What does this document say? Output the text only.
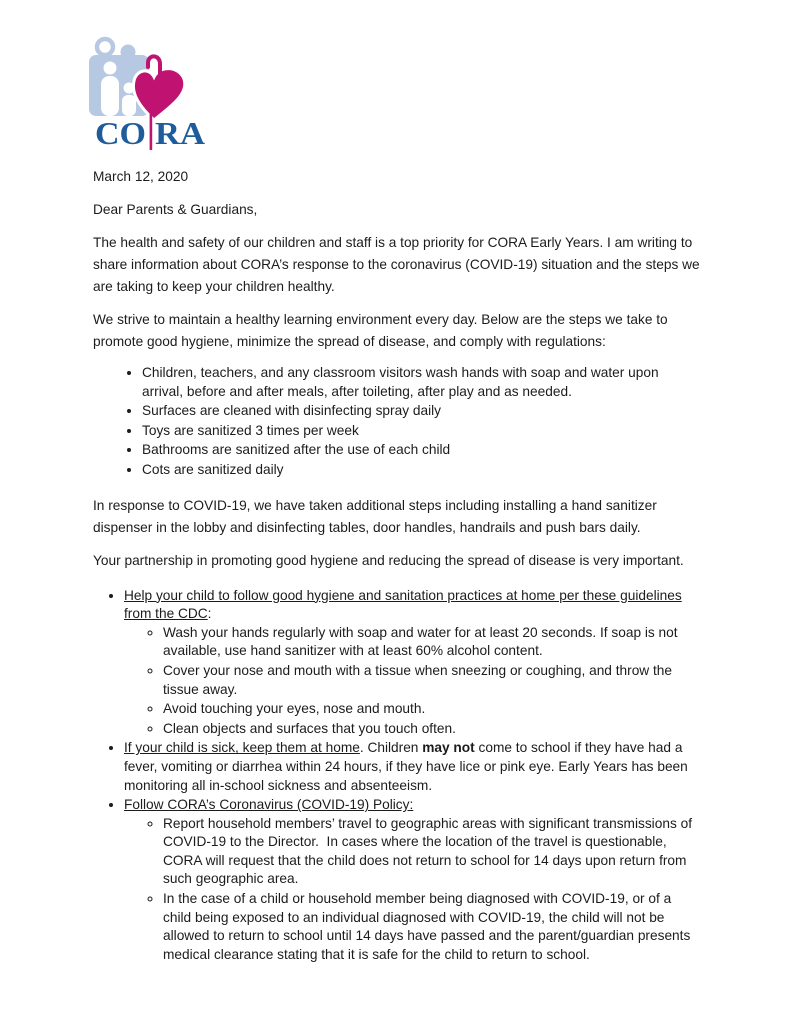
CO RA

March 12, 2020

Dear Parents & Guardians,

The health and safety of our children and staff is a top priority for CORA Early Years. I am writing to share information about CORA’s response to the coronavirus (COVID-19) situation and the steps we are taking to keep your children healthy.

We strive to maintain a healthy learning environment every day. Below are the steps we take to promote good hygiene, minimize the spread of disease, and comply with regulations:

• Children, teachers, and any classroom visitors wash hands with soap and water upon arrival, before and after meals, after toileting, after play and as needed.
• Surfaces are cleaned with disinfecting spray daily
• Toys are sanitized 3 times per week
• Bathrooms are sanitized after the use of each child
• Cots are sanitized daily

In response to COVID-19, we have taken additional steps including installing a hand sanitizer dispenser in the lobby and disinfecting tables, door handles, handrails and push bars daily.

Your partnership in promoting good hygiene and reducing the spread of disease is very important.

• Help your child to follow good hygiene and sanitation practices at home per these guidelines from the CDC:
◦ Wash your hands regularly with soap and water for at least 20 seconds. If soap is not available, use hand sanitizer with at least 60% alcohol content.
◦ Cover your nose and mouth with a tissue when sneezing or coughing, and throw the tissue away.
◦ Avoid touching your eyes, nose and mouth.
◦ Clean objects and surfaces that you touch often.
• If your child is sick, keep them at home. Children may not come to school if they have had a fever, vomiting or diarrhea within 24 hours, if they have lice or pink eye. Early Years has been monitoring all in-school sickness and absenteeism.
• Follow CORA’s Coronavirus (COVID-19) Policy:
◦ Report household members’ travel to geographic areas with significant transmissions of COVID-19 to the Director.  In cases where the location of the travel is questionable, CORA will request that the child does not return to school for 14 days upon return from such geographic area.
◦ In the case of a child or household member being diagnosed with COVID-19, or of a child being exposed to an individual diagnosed with COVID-19, the child will not be allowed to return to school until 14 days have passed and the parent/guardian presents medical clearance stating that it is safe for the child to return to school.
